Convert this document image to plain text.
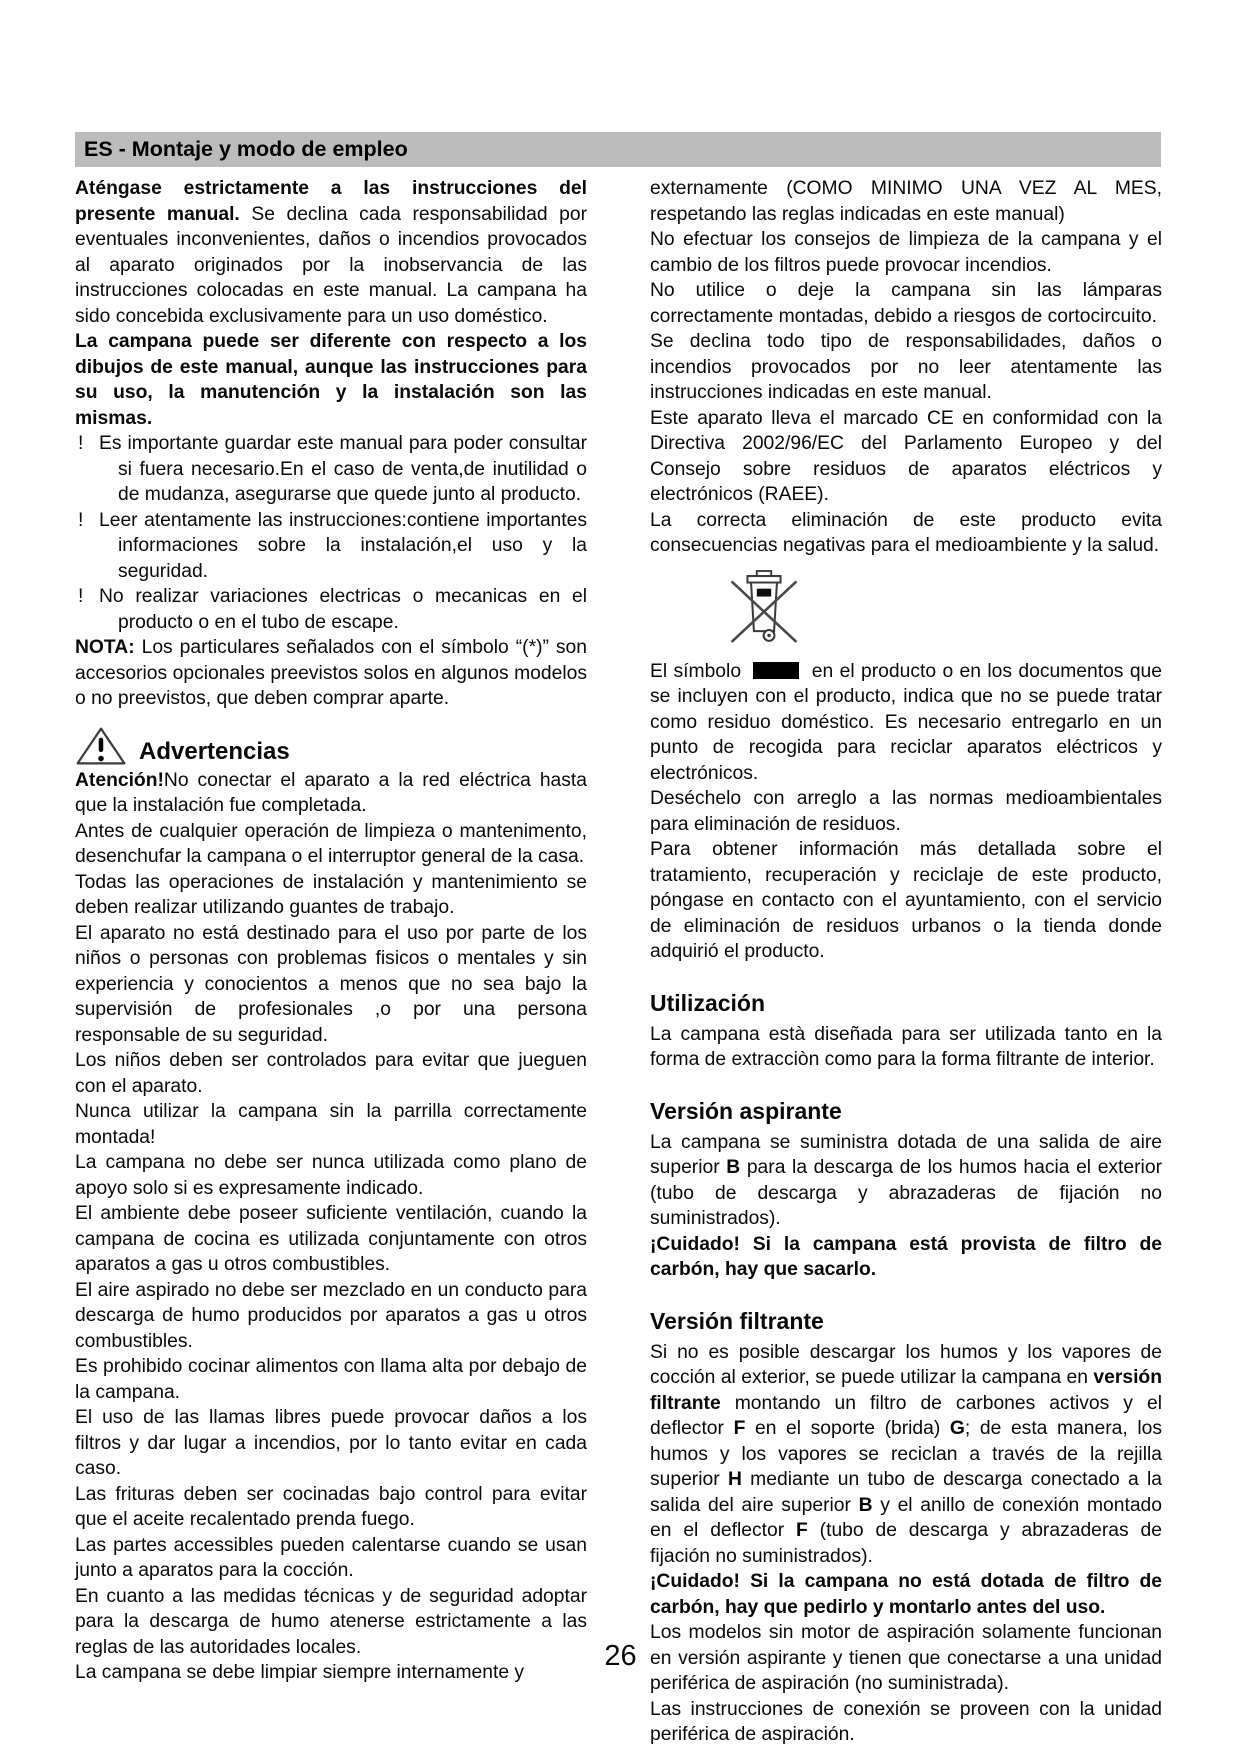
ES - Montaje y modo de empleo
Aténgase estrictamente a las instrucciones del presente manual. Se declina cada responsabilidad por eventuales inconvenientes, daños o incendios provocados al aparato originados por la inobservancia de las instrucciones colocadas en este manual. La campana ha sido concebida exclusivamente para un uso doméstico.
La campana puede ser diferente con respecto a los dibujos de este manual, aunque las instrucciones para su uso, la manutención y la instalación son las mismas.
! Es importante guardar este manual para poder consultar si fuera necesario.En el caso de venta,de inutilidad o de mudanza, asegurarse que quede junto al producto.
! Leer atentamente las instrucciones:contiene importantes informaciones sobre la instalación,el uso y la seguridad.
! No realizar variaciones electricas o mecanicas en el producto o en el tubo de escape.
NOTA: Los particulares señalados con el símbolo “(*)” son accesorios opcionales preevistos solos en algunos modelos o no preevistos, que deben comprar aparte.
Advertencias
Atención!No conectar el aparato a la red eléctrica hasta que la instalación fue completada.
Antes de cualquier operación de limpieza o mantenimento, desenchufar la campana o el interruptor general de la casa.
Todas las operaciones de instalación y mantenimiento se deben realizar utilizando guantes de trabajo.
El aparato no está destinado para el uso por parte de los niños o personas con problemas fisicos o mentales y sin experiencia y conocientos a menos que no sea bajo la supervisión de profesionales ,o por una persona responsable de su seguridad.
Los niños deben ser controlados para evitar que jueguen con el aparato.
Nunca utilizar la campana sin la parrilla correctamente montada!
La campana no debe ser nunca utilizada como plano de apoyo solo si es expresamente indicado.
El ambiente debe poseer suficiente ventilación, cuando la campana de cocina es utilizada conjuntamente con otros aparatos a gas u otros combustibles.
El aire aspirado no debe ser mezclado en un conducto para descarga de humo producidos por aparatos a gas u otros combustibles.
Es prohibido cocinar alimentos con llama alta por debajo de la campana.
El uso de las llamas libres puede provocar daños a los filtros y dar lugar a incendios, por lo tanto evitar en cada caso.
Las frituras deben ser cocinadas bajo control para evitar que el aceite recalentado prenda fuego.
Las partes accessibles pueden calentarse cuando se usan junto a aparatos para la cocción.
En cuanto a las medidas técnicas y de seguridad adoptar para la descarga de humo atenerse estrictamente a las reglas de las autoridades locales.
La campana se debe limpiar siempre internamente y
externamente (COMO MINIMO UNA VEZ AL MES, respetando las reglas indicadas en este manual)
No efectuar los consejos de limpieza de la campana y el cambio de los filtros puede provocar incendios.
No utilice o deje la campana sin las lámparas correctamente montadas, debido a riesgos de cortocircuito.
Se declina todo tipo de responsabilidades, daños o incendios provocados por no leer atentamente las instrucciones indicadas en este manual.
Este aparato lleva el marcado CE en conformidad con la Directiva 2002/96/EC del Parlamento Europeo y del Consejo sobre residuos de aparatos eléctricos y electrónicos (RAEE).
La correcta eliminación de este producto evita consecuencias negativas para el medioambiente y la salud.
El símbolo	en el producto o en los documentos que se incluyen con el producto, indica que no se puede tratar como residuo doméstico. Es necesario entregarlo en un punto de recogida para reciclar aparatos eléctricos y electrónicos.
Deséchelo con arreglo a las normas medioambientales para eliminación de residuos.
Para obtener información más detallada sobre el tratamiento, recuperación y reciclaje de este producto, póngase en contacto con el ayuntamiento, con el servicio de eliminación de residuos urbanos o la tienda donde adquirió el producto.
Utilización
La campana està diseñada para ser utilizada tanto en la forma de extracciòn como para la forma filtrante de interior.
Versión aspirante
La campana se suministra dotada de una salida de aire superior B para la descarga de los humos hacia el exterior (tubo de descarga y abrazaderas de fijación no suministrados).
¡Cuidado! Si la campana está provista de filtro de carbón, hay que sacarlo.
Versión filtrante
Si no es posible descargar los humos y los vapores de cocción al exterior, se puede utilizar la campana en versión filtrante montando un filtro de carbones activos y el deflector F en el soporte (brida) G; de esta manera, los humos y los vapores se reciclan a través de la rejilla superior H mediante un tubo de descarga conectado a la salida del aire superior B y el anillo de conexión montado en el deflector F (tubo de descarga y abrazaderas de fijación no suministrados).
¡Cuidado! Si la campana no está dotada de filtro de carbón, hay que pedirlo y montarlo antes del uso.
Los modelos sin motor de aspiración solamente funcionan en versión aspirante y tienen que conectarse a una unidad periférica de aspiración (no suministrada).
Las instrucciones de conexión se proveen con la unidad periférica de aspiración.
26
